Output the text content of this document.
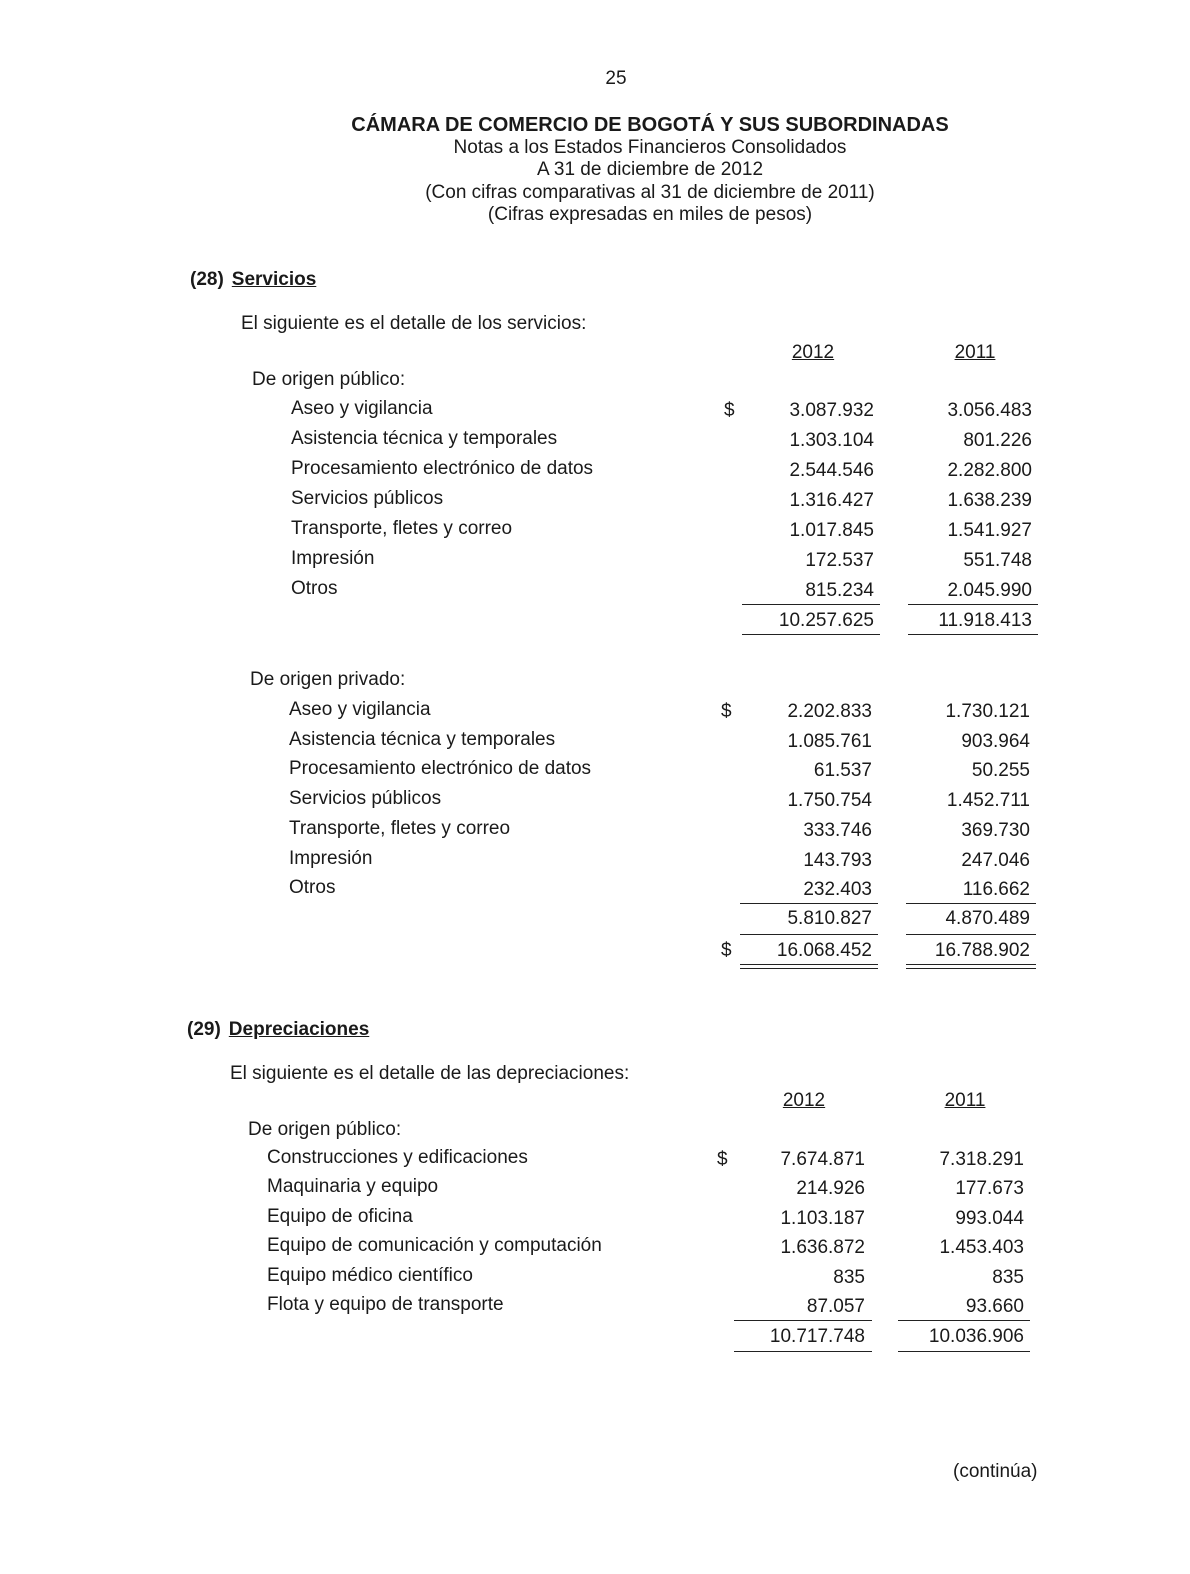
25
CÁMARA DE COMERCIO DE BOGOTÁ Y SUS SUBORDINADAS
Notas a los Estados Financieros Consolidados
A 31 de diciembre de 2012
(Con cifras comparativas al 31 de diciembre de 2011)
(Cifras expresadas en miles de pesos)
(28) Servicios
El siguiente es el detalle de los servicios:
2012	2011
De origen público:
Aseo y vigilancia	$	3.087.932	3.056.483
Asistencia técnica y temporales	1.303.104	801.226
Procesamiento electrónico de datos	2.544.546	2.282.800
Servicios públicos	1.316.427	1.638.239
Transporte, fletes y correo	1.017.845	1.541.927
Impresión	172.537	551.748
Otros	815.234	2.045.990
10.257.625	11.918.413
De origen privado:
Aseo y vigilancia	$	2.202.833	1.730.121
Asistencia técnica y temporales	1.085.761	903.964
Procesamiento electrónico de datos	61.537	50.255
Servicios públicos	1.750.754	1.452.711
Transporte, fletes y correo	333.746	369.730
Impresión	143.793	247.046
Otros	232.403	116.662
5.810.827	4.870.489
$	16.068.452	16.788.902
(29) Depreciaciones
El siguiente es el detalle de las depreciaciones:
2012	2011
De origen público:
Construcciones y edificaciones	$	7.674.871	7.318.291
Maquinaria y equipo	214.926	177.673
Equipo de oficina	1.103.187	993.044
Equipo de comunicación y computación	1.636.872	1.453.403
Equipo médico científico	835	835
Flota y equipo de transporte	87.057	93.660
10.717.748	10.036.906
(continúa)
